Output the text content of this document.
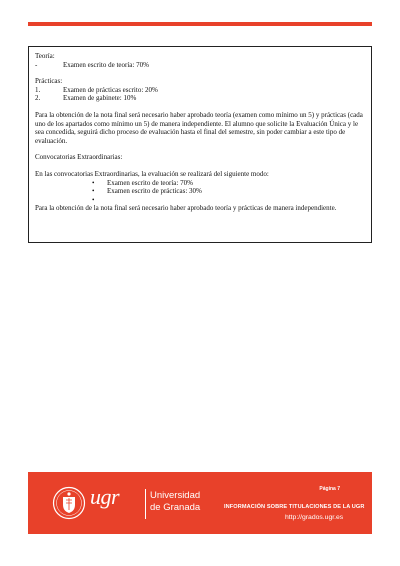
Teoría:

-	Examen escrito de teoría: 70%

Prácticas:

1.	Examen de prácticas escrito: 20%
2.	Examen de gabinete: 10%

Para la obtención de la nota final será necesario haber aprobado teoría (examen como mínimo un 5) y prácticas (cada uno de los apartados como mínimo un 5) de manera independiente. El alumno que solicite la Evaluación Única y le sea concedida, seguirá dicho proceso de evaluación hasta el final del semestre, sin poder cambiar a este tipo de evaluación.

Convocatorias Extraordinarias:

En las convocatorias Extraordinarias, la evaluación se realizará del siguiente modo:

•	Examen escrito de teoría: 70%
•	Examen escrito de prácticas: 30%
•

Para la obtención de la nota final será necesario haber aprobado teoría y prácticas de manera independiente.

ugr	Universidad
de Granada
Página 7
INFORMACIÓN SOBRE TITULACIONES DE LA UGR
http://grados.ugr.es
